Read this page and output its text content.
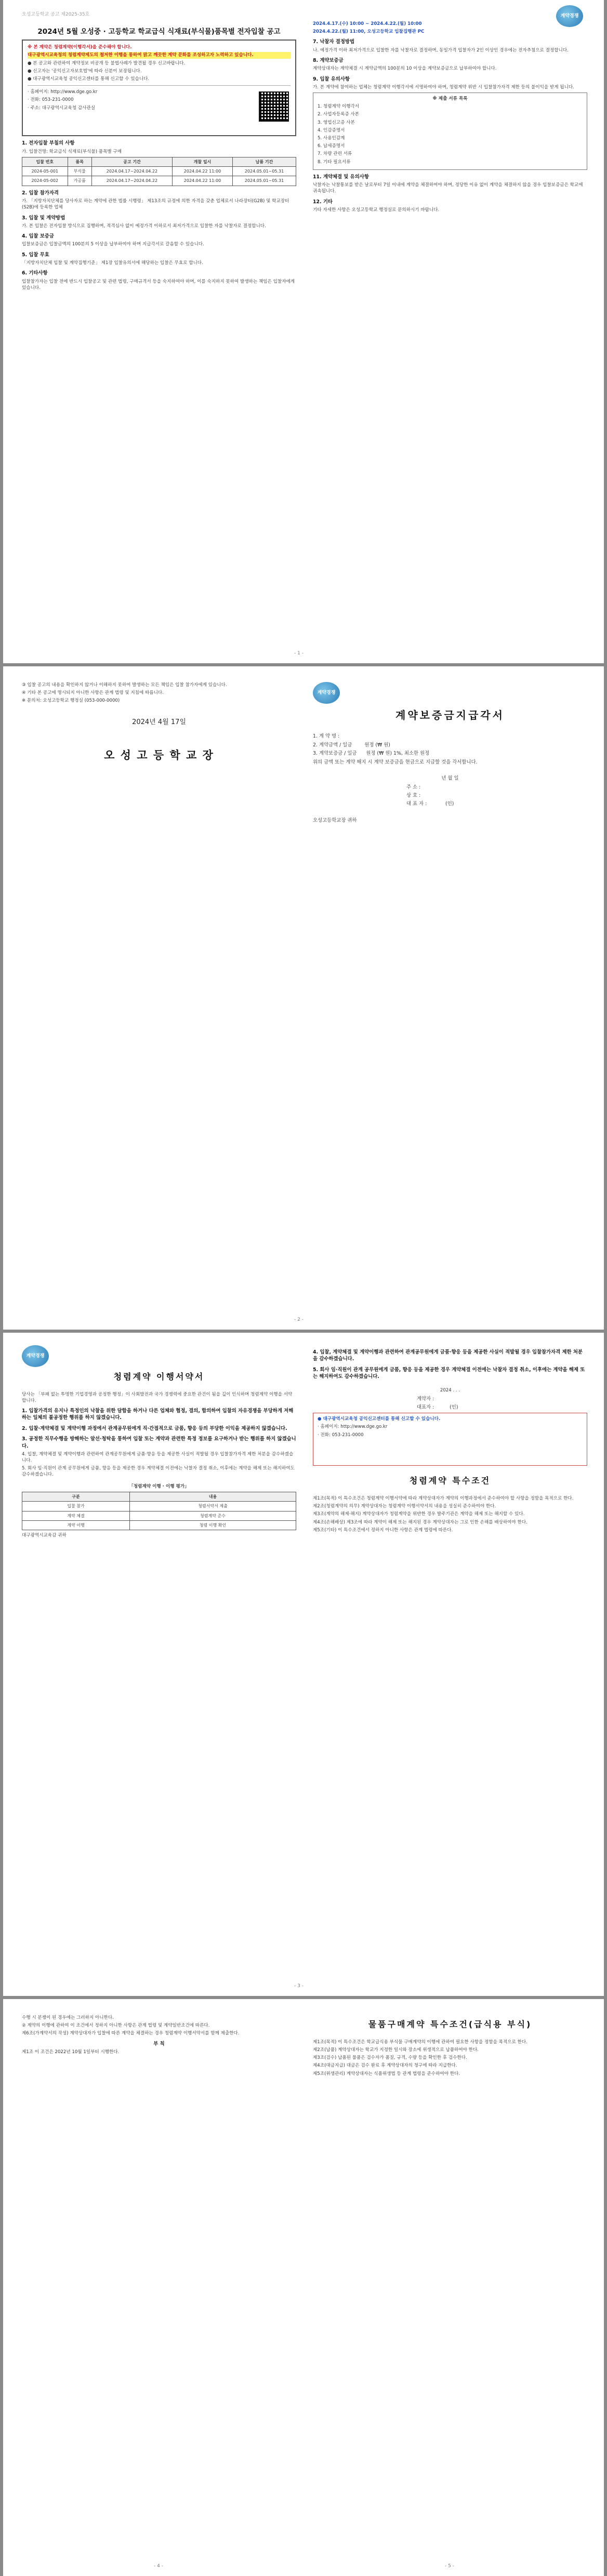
오성고등학교 공고 제2025-35호	계약경쟁
2024년 5월 오성중 · 고등학교 학교급식 식재료(부식물)품목별 전자입찰 공고

※ 본 계약은 청렴계약(이행각서)을 준수해야 합니다.

대구광역시교육청의 청렴계약제도의 철저한 이행을 통하여 맑고 깨끗한 계약 문화를 조성하고자 노력하고 있습니다.

● 본 공고와 관련하여 계약정보 비공개 등 불법사례가 발견될 경우 신고바랍니다.

● 신고자는 '공익신고자보호법'에 따라 신분이 보장됩니다.

● 대구광역시교육청 공익신고센터를 통해 신고할 수 있습니다.

· 홈페이지: http://www.dge.go.kr

· 전화: 053-231-0000

· 주소: 대구광역시교육청 감사관실

1. 전자입찰 부칠의 사항

가. 입찰건명: 학교급식 식재료(부식물) 품목별 구매

입찰 번호	품목	공고 기간	개찰 일시	납품 기간
2024-05-001	부식물	2024.04.17~2024.04.22	2024.04.22 11:00	2024.05.01~05.31
2024-05-002	가공품	2024.04.17~2024.04.22	2024.04.22 11:00	2024.05.01~05.31

2. 입찰 참가자격

가. 「지방자치단체를 당사자로 하는 계약에 관한 법률 시행령」 제13조의 규정에 의한 자격을 갖춘 업체로서 나라장터(G2B) 및 학교장터(S2B)에 등록한 업체

3. 입찰 및 계약방법

가. 본 입찰은 전자입찰 방식으로 집행하며, 적격심사 없이 예정가격 이하로서 최저가격으로 입찰한 자를 낙찰자로 결정합니다.

4. 입찰 보증금

입찰보증금은 입찰금액의 100분의 5 이상을 납부하여야 하며 지급각서로 갈음할 수 있습니다.

5. 입찰 무효

「지방자치단체 입찰 및 계약집행기준」 제1장 입찰유의서에 해당하는 입찰은 무효로 합니다.

6. 기타사항

입찰참가자는 입찰 전에 반드시 입찰공고 및 관련 법령, 구매규격서 등을 숙지하여야 하며, 이를 숙지하지 못하여 발생하는 책임은 입찰자에게 있습니다.

2024.4.17.(수) 10:00 ~ 2024.4.22.(월) 10:00

2024.4.22.(월) 11:00, 오성고등학교 입찰집행관 PC

7. 낙찰자 결정방법

나. 예정가격 이하 최저가격으로 입찰한 자를 낙찰자로 결정하며, 동일가격 입찰자가 2인 이상인 경우에는 전자추첨으로 결정합니다.

8. 계약보증금

계약상대자는 계약체결 시 계약금액의 100분의 10 이상을 계약보증금으로 납부하여야 합니다.

9. 입찰 유의사항

가. 본 계약에 참여하는 업체는 청렴계약 이행각서에 서명하여야 하며, 청렴계약 위반 시 입찰참가자격 제한 등의 불이익을 받게 됩니다.

※ 제출 서류 목록

1. 청렴계약 이행각서

2. 사업자등록증 사본

3. 영업신고증 사본

4. 인감증명서

5. 사용인감계

6. 납세증명서

7. 차량 관련 서류

8. 기타 필요서류

11. 계약체결 및 유의사항

낙찰자는 낙찰통보를 받은 날로부터 7일 이내에 계약을 체결하여야 하며, 정당한 이유 없이 계약을 체결하지 않을 경우 입찰보증금은 학교에 귀속됩니다.

12. 기타

기타 자세한 사항은 오성고등학교 행정실로 문의하시기 바랍니다.

- 1 -

③ 입찰 공고의 내용을 확인하지 않거나 이해하지 못하여 발생하는 모든 책임은 입찰 참가자에게 있습니다.

④ 기타 본 공고에 명시되지 아니한 사항은 관계 법령 및 지침에 따릅니다.

※ 문의처: 오성고등학교 행정실 (053-000-0000)

2024년 4월 17일
오 성 고 등 학 교 장
계약경쟁
계약보증금지급각서

1. 계 약 명 :

2. 계약금액 / 일금	원정 (₩ 원)

3. 계약보증금 / 일금 원정 (₩ 원) 1%, 최소한 원정

위의 금액 또는 계약 해지 시 계약 보증금을 현금으로 지급할 것을 각서합니다.

년 월 일

주 소 :

상 호 :

대 표 자 :	(인)

오성고등학교장 귀하

- 2 -
계약경쟁
청렴계약 이행서약서

당사는 「부패 없는 투명한 기업경영과 공정한 행정」이 사회발전과 국가 경쟁력에 중요한 관건이 됨을 깊이 인식하며 청렴계약 이행을 서약합니다.

1. 입찰가격의 유지나 특정인의 낙찰을 위한 담합을 하거나 다른 업체와 협정, 결의, 합의하여 입찰의 자유경쟁을 부당하게 저해하는 일체의 불공정한 행위를 하지 않겠습니다.

2. 입찰·계약체결 및 계약이행 과정에서 관계공무원에게 직·간접적으로 금품, 향응 등의 부당한 이익을 제공하지 않겠습니다.

3. 공정한 직무수행을 방해하는 알선·청탁을 통하여 입찰 또는 계약과 관련한 특정 정보를 요구하거나 받는 행위를 하지 않겠습니다.

4. 입찰, 계약체결 및 계약이행과 관련하여 관계공무원에게 금품·향응 등을 제공한 사실이 적발될 경우 입찰참가자격 제한 처분을 감수하겠습니다.

5. 회사 임·직원이 관계 공무원에게 금품, 향응 등을 제공한 경우 계약체결 이전에는 낙찰자 결정 취소, 이후에는 계약을 해제 또는 해지하여도 감수하겠습니다.

「청렴계약 이행 · 이행 평가」

구분	내용
입찰 참가	청렴서약서 제출
계약 체결	청렴계약 준수
계약 이행	청렴 이행 확인

대구광역시교육감 귀하

4. 입찰, 계약체결 및 계약이행과 관련하여 관계공무원에게 금품·향응 등을 제공한 사실이 적발될 경우 입찰참가자격 제한 처분을 감수하겠습니다.

5. 회사 임·직원이 관계 공무원에게 금품, 향응 등을 제공한 경우 계약체결 이전에는 낙찰자 결정 취소, 이후에는 계약을 해제 또는 해지하여도 감수하겠습니다.

2024 . . .

계약자 :

대표자 :	(인)

● 대구광역시교육청 공익신고센터를 통해 신고할 수 있습니다.

· 홈페이지: http://www.dge.go.kr

· 전화: 053-231-0000

청렴계약 특수조건

제1조(목적) 이 특수조건은 청렴계약 이행서약에 따라 계약상대자가 계약의 이행과정에서 준수하여야 할 사항을 정함을 목적으로 한다.

제2조(청렴계약의 의무) 계약상대자는 청렴계약 이행서약서의 내용을 성실히 준수하여야 한다.

제3조(계약의 해제·해지) 계약상대자가 청렴계약을 위반한 경우 발주기관은 계약을 해제 또는 해지할 수 있다.

제4조(손해배상) 제3조에 따라 계약이 해제 또는 해지된 경우 계약상대자는 그로 인한 손해를 배상하여야 한다.

제5조(기타) 이 특수조건에서 정하지 아니한 사항은 관계 법령에 따른다.

- 3 -

수행 시 분쟁이 된 경우에는 그러하지 아니한다.

② 계약의 이행에 관하여 이 조건에서 정하지 아니한 사항은 관계 법령 및 계약일반조건에 따른다.

제6조(가계약서의 작성) 계약상대자가 입찰에 따른 계약을 체결하는 경우 청렴계약 이행서약서를 함께 제출한다.

부 칙

제1조 이 조건은 2022년 10월 1일부터 시행한다.

물품구매계약 특수조건(급식용 부식)

제1조(목적) 이 특수조건은 학교급식용 부식물 구매계약의 이행에 관하여 필요한 사항을 정함을 목적으로 한다.

제2조(납품) 계약상대자는 학교가 지정한 일시와 장소에 위생적으로 납품하여야 한다.

제3조(검수) 납품된 물품은 검수자가 품질, 규격, 수량 등을 확인한 후 검수한다.

제4조(대금지급) 대금은 검수 완료 후 계약상대자의 청구에 따라 지급한다.

제5조(위생관리) 계약상대자는 식품위생법 등 관계 법령을 준수하여야 한다.

- 4 -	- 5 -
